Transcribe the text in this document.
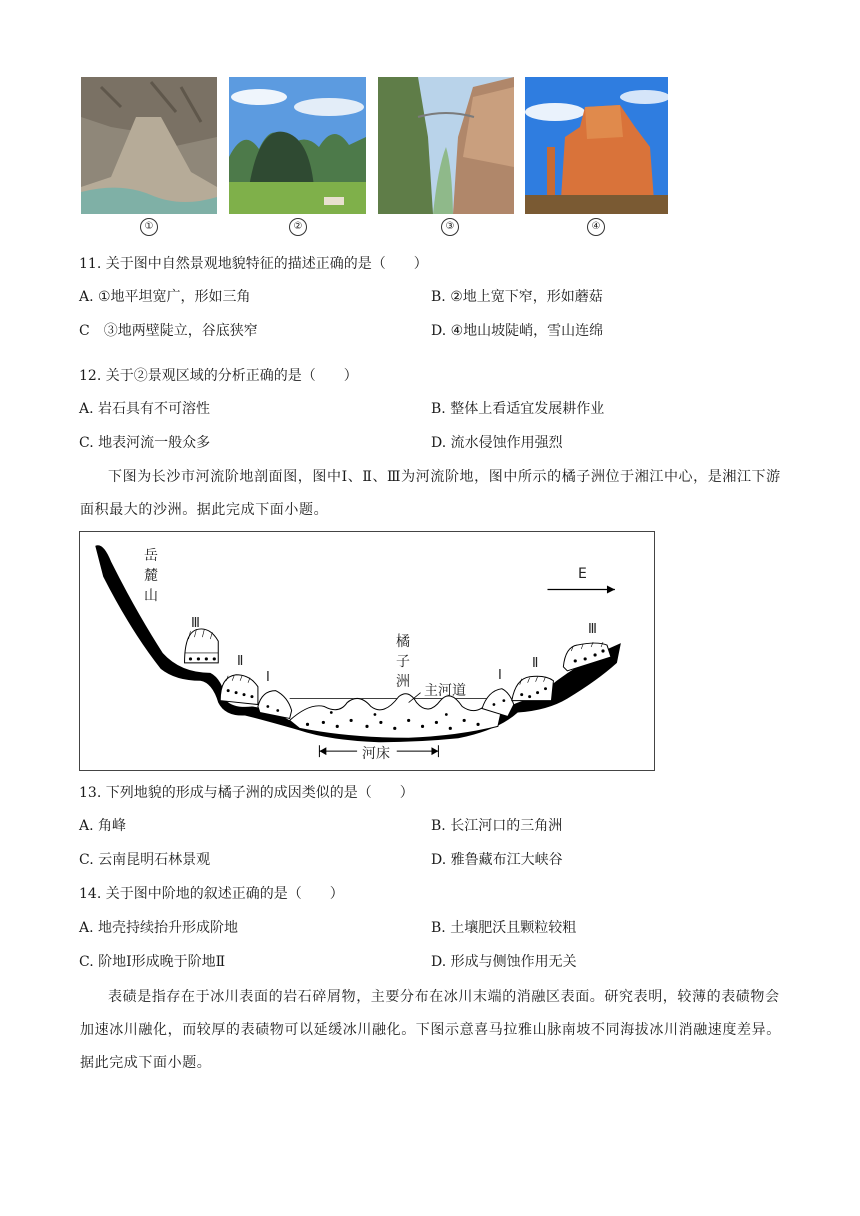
①	②	③	④
11. 关于图中自然景观地貌特征的描述正确的是（　　）
A. ①地平坦宽广，形如三角	B. ②地上宽下窄，形如蘑菇
C　③地两壁陡立，谷底狭窄	D. ④地山坡陡峭，雪山连绵
12. 关于②景观区域的分析正确的是（　　）
A. 岩石具有不可溶性	B. 整体上看适宜发展耕作业
C. 地表河流一般众多	D. 流水侵蚀作用强烈
下图为长沙市河流阶地剖面图，图中Ⅰ、Ⅱ、Ⅲ为河流阶地，图中所示的橘子洲位于湘江中心，是湘江下游面积最大的沙洲。据此完成下面小题。
岳麓山
橘子洲
主河道
河床
E
Ⅲ
Ⅱ
Ⅰ	Ⅰ
Ⅱ
Ⅲ
13. 下列地貌的形成与橘子洲的成因类似的是（　　）
A. 角峰	B. 长江河口的三角洲
C. 云南昆明石林景观	D. 雅鲁藏布江大峡谷
14. 关于图中阶地的叙述正确的是（　　）
A. 地壳持续抬升形成阶地	B. 土壤肥沃且颗粒较粗
C. 阶地Ⅰ形成晚于阶地Ⅱ	D. 形成与侧蚀作用无关
表碛是指存在于冰川表面的岩石碎屑物，主要分布在冰川末端的消融区表面。研究表明，较薄的表碛物会加速冰川融化，而较厚的表碛物可以延缓冰川融化。下图示意喜马拉雅山脉南坡不同海拔冰川消融速度差异。据此完成下面小题。
